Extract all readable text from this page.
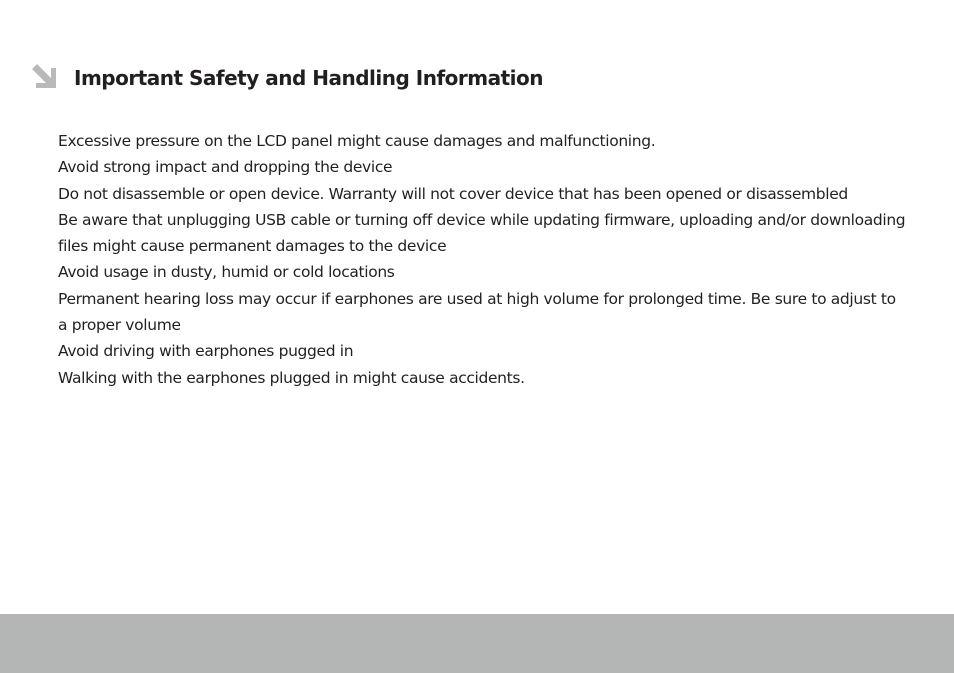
Important Safety and Handling Information

Excessive pressure on the LCD panel might cause damages and malfunctioning.

Avoid strong impact and dropping the device

Do not disassemble or open device. Warranty will not cover device that has been opened or disassembled

Be aware that unplugging USB cable or turning off device while updating firmware, uploading and/or downloading files might cause permanent damages to the device

Avoid usage in dusty, humid or cold locations

Permanent hearing loss may occur if earphones are used at high volume for prolonged time. Be sure to adjust to a proper volume

Avoid driving with earphones pugged in

Walking with the earphones plugged in might cause accidents.
